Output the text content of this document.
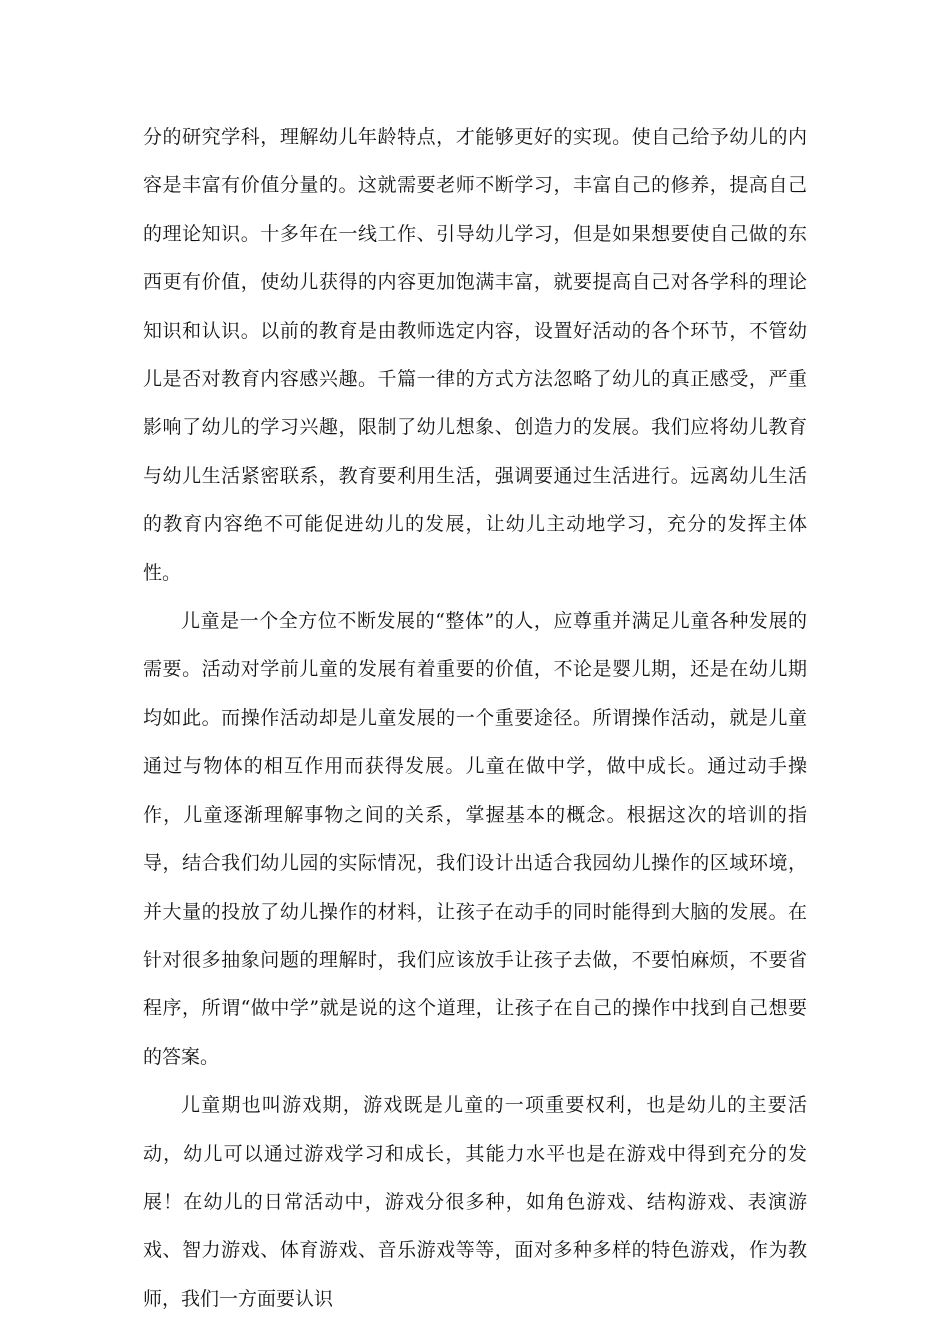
分的研究学科，理解幼儿年龄特点，才能够更好的实现。使自己给予幼儿的内容是丰富有价值分量的。这就需要老师不断学习，丰富自己的修养，提高自己的理论知识。十多年在一线工作、引导幼儿学习，但是如果想要使自己做的东西更有价值，使幼儿获得的内容更加饱满丰富，就要提高自己对各学科的理论知识和认识。以前的教育是由教师选定内容，设置好活动的各个环节，不管幼儿是否对教育内容感兴趣。千篇一律的方式方法忽略了幼儿的真正感受，严重影响了幼儿的学习兴趣，限制了幼儿想象、创造力的发展。我们应将幼儿教育与幼儿生活紧密联系，教育要利用生活，强调要通过生活进行。远离幼儿生活的教育内容绝不可能促进幼儿的发展，让幼儿主动地学习，充分的发挥主体性。

儿童是一个全方位不断发展的“整体”的人，应尊重并满足儿童各种发展的需要。活动对学前儿童的发展有着重要的价值，不论是婴儿期，还是在幼儿期均如此。而操作活动却是儿童发展的一个重要途径。所谓操作活动，就是儿童通过与物体的相互作用而获得发展。儿童在做中学，做中成长。通过动手操作，儿童逐渐理解事物之间的关系，掌握基本的概念。根据这次的培训的指导，结合我们幼儿园的实际情况，我们设计出适合我园幼儿操作的区域环境，并大量的投放了幼儿操作的材料，让孩子在动手的同时能得到大脑的发展。在针对很多抽象问题的理解时，我们应该放手让孩子去做，不要怕麻烦，不要省程序，所谓“做中学”就是说的这个道理，让孩子在自己的操作中找到自己想要的答案。

儿童期也叫游戏期，游戏既是儿童的一项重要权利，也是幼儿的主要活动，幼儿可以通过游戏学习和成长，其能力水平也是在游戏中得到充分的发展！在幼儿的日常活动中，游戏分很多种，如角色游戏、结构游戏、表演游戏、智力游戏、体育游戏、音乐游戏等等，面对多种多样的特色游戏，作为教师，我们一方面要认识
